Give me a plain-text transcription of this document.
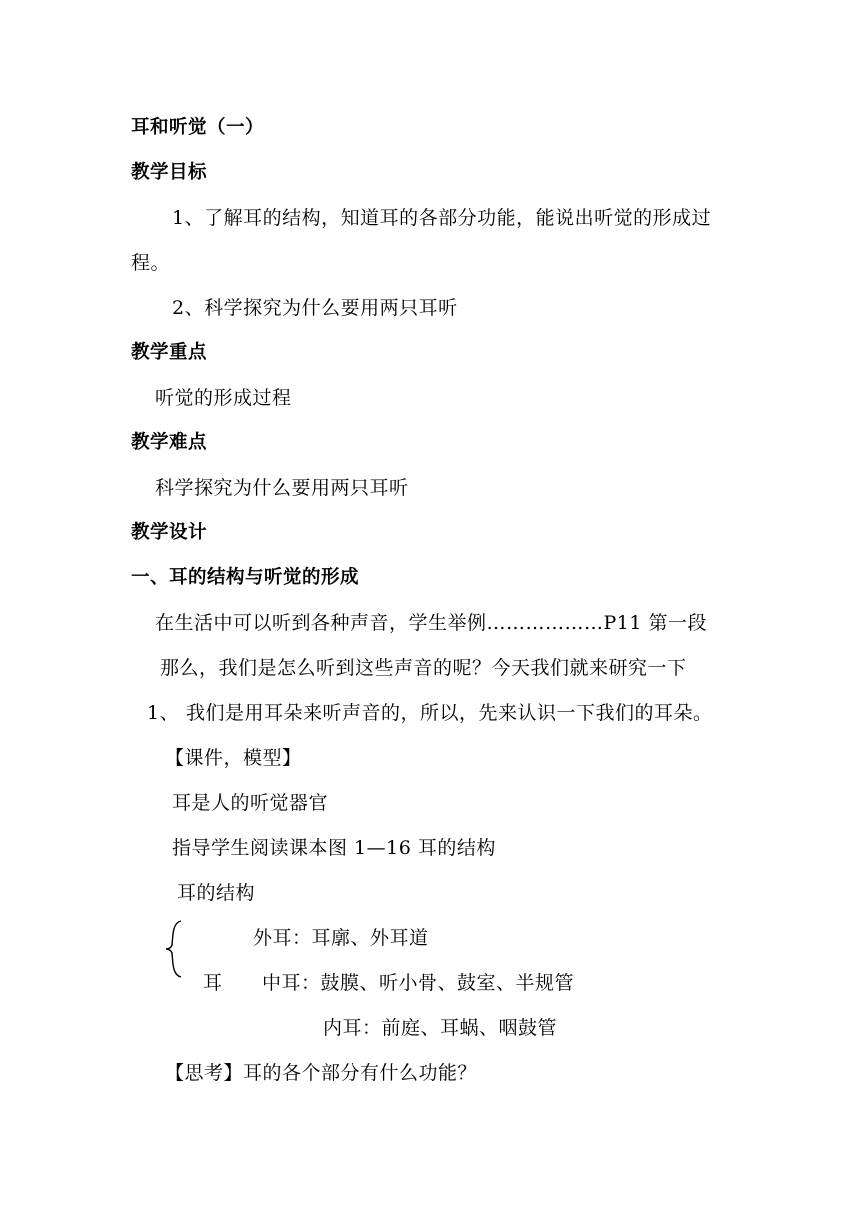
耳和听觉（一）
教学目标
1、了解耳的结构，知道耳的各部分功能，能说出听觉的形成过
程。
2、科学探究为什么要用两只耳听
教学重点
听觉的形成过程
教学难点
科学探究为什么要用两只耳听
教学设计
一、耳的结构与听觉的形成
在生活中可以听到各种声音，学生举例………………P11 第一段
那么，我们是怎么听到这些声音的呢？今天我们就来研究一下
1、 我们是用耳朵来听声音的，所以，先来认识一下我们的耳朵。
【课件，模型】
耳是人的听觉器官
指导学生阅读课本图 1—16 耳的结构
耳的结构
外耳：耳廓、外耳道
耳 中耳：鼓膜、听小骨、鼓室、半规管
内耳：前庭、耳蜗、咽鼓管
【思考】耳的各个部分有什么功能？
